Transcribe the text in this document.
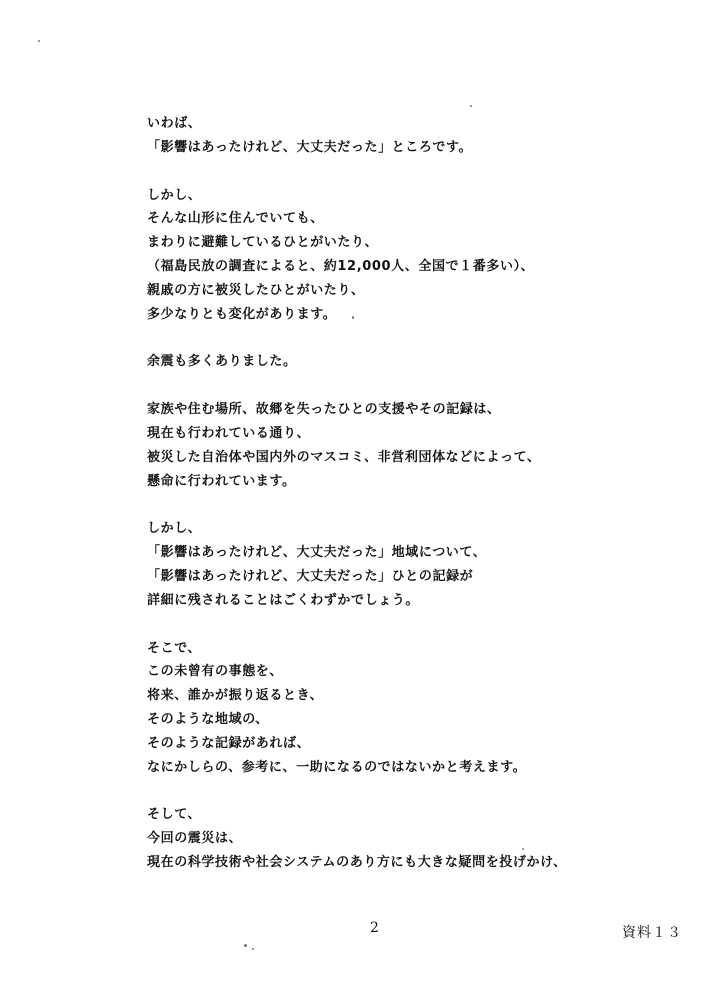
いわば、
「影響はあったけれど、大丈夫だった」ところです。
しかし、
そんな山形に住んでいても、
まわりに避難しているひとがいたり、
（福島民放の調査によると、約12,000人、全国で１番多い）、
親戚の方に被災したひとがいたり、
多少なりとも変化があります。
余震も多くありました。
家族や住む場所、故郷を失ったひとの支援やその記録は、
現在も行われている通り、
被災した自治体や国内外のマスコミ、非営利団体などによって、
懸命に行われています。
しかし、
「影響はあったけれど、大丈夫だった」地域について、
「影響はあったけれど、大丈夫だった」ひとの記録が
詳細に残されることはごくわずかでしょう。
そこで、
この未曾有の事態を、
将来、誰かが振り返るとき、
そのような地域の、
そのような記録があれば、
なにかしらの、参考に、一助になるのではないかと考えます。
そして、
今回の震災は、
現在の科学技術や社会システムのあり方にも大きな疑問を投げかけ、
2	資料１３
